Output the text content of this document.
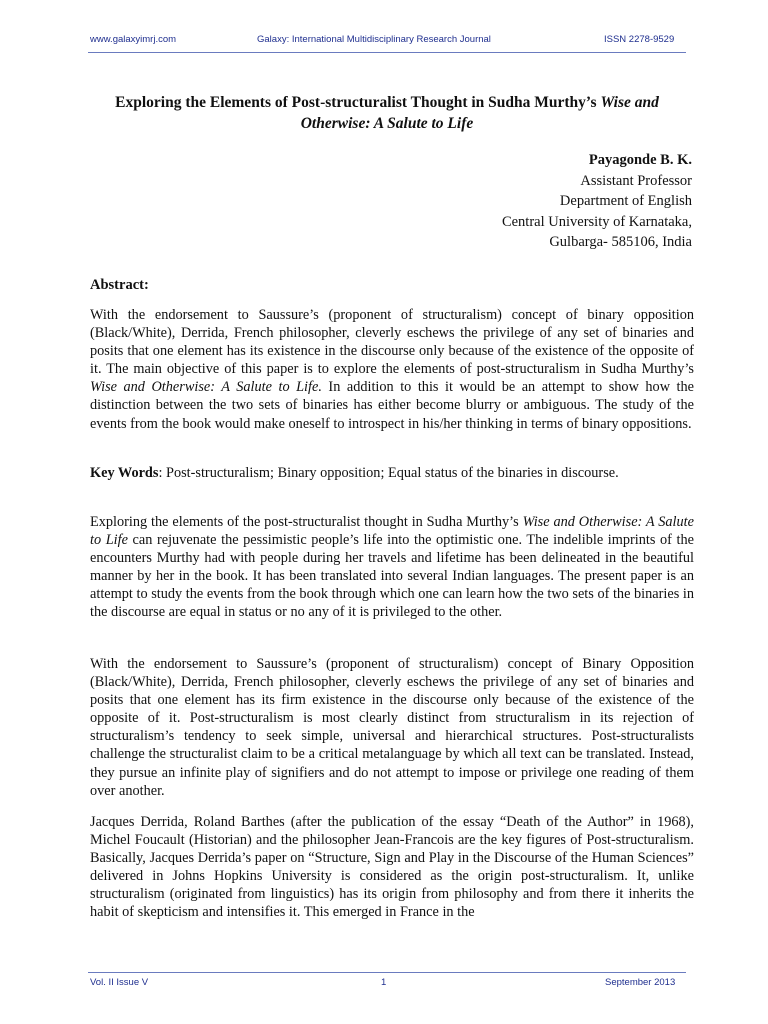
www.galaxyimrj.com	Galaxy: International Multidisciplinary Research Journal	ISSN 2278-9529
Exploring the Elements of Post-structuralist Thought in Sudha Murthy’s Wise and Otherwise: A Salute to Life
Payagonde B. K.
Assistant Professor
Department of English
Central University of Karnataka,
Gulbarga- 585106, India
Abstract:

With the endorsement to Saussure’s (proponent of structuralism) concept of binary opposition (Black/White), Derrida, French philosopher, cleverly eschews the privilege of any set of binaries and posits that one element has its existence in the discourse only because of the existence of the opposite of it. The main objective of this paper is to explore the elements of post-structuralism in Sudha Murthy’s Wise and Otherwise: A Salute to Life. In addition to this it would be an attempt to show how the distinction between the two sets of binaries has either become blurry or ambiguous. The study of the events from the book would make oneself to introspect in his/her thinking in terms of binary oppositions.

Key Words: Post-structuralism; Binary opposition; Equal status of the binaries in discourse.

Exploring the elements of the post-structuralist thought in Sudha Murthy’s Wise and Otherwise: A Salute to Life can rejuvenate the pessimistic people’s life into the optimistic one. The indelible imprints of the encounters Murthy had with people during her travels and lifetime has been delineated in the beautiful manner by her in the book. It has been translated into several Indian languages. The present paper is an attempt to study the events from the book through which one can learn how the two sets of the binaries in the discourse are equal in status or no any of it is privileged to the other.

With the endorsement to Saussure’s (proponent of structuralism) concept of Binary Opposition (Black/White), Derrida, French philosopher, cleverly eschews the privilege of any set of binaries and posits that one element has its firm existence in the discourse only because of the existence of the opposite of it. Post-structuralism is most clearly distinct from structuralism in its rejection of structuralism’s tendency to seek simple, universal and hierarchical structures. Post-structuralists challenge the structuralist claim to be a critical metalanguage by which all text can be translated. Instead, they pursue an infinite play of signifiers and do not attempt to impose or privilege one reading of them over another.

Jacques Derrida, Roland Barthes (after the publication of the essay “Death of the Author” in 1968), Michel Foucault (Historian) and the philosopher Jean-Francois are the key figures of Post-structuralism. Basically, Jacques Derrida’s paper on “Structure, Sign and Play in the Discourse of the Human Sciences” delivered in Johns Hopkins University is considered as the origin post-structuralism. It, unlike structuralism (originated from linguistics) has its origin from philosophy and from there it inherits the habit of skepticism and intensifies it. This emerged in France in the

Vol. II Issue V	1	September 2013
